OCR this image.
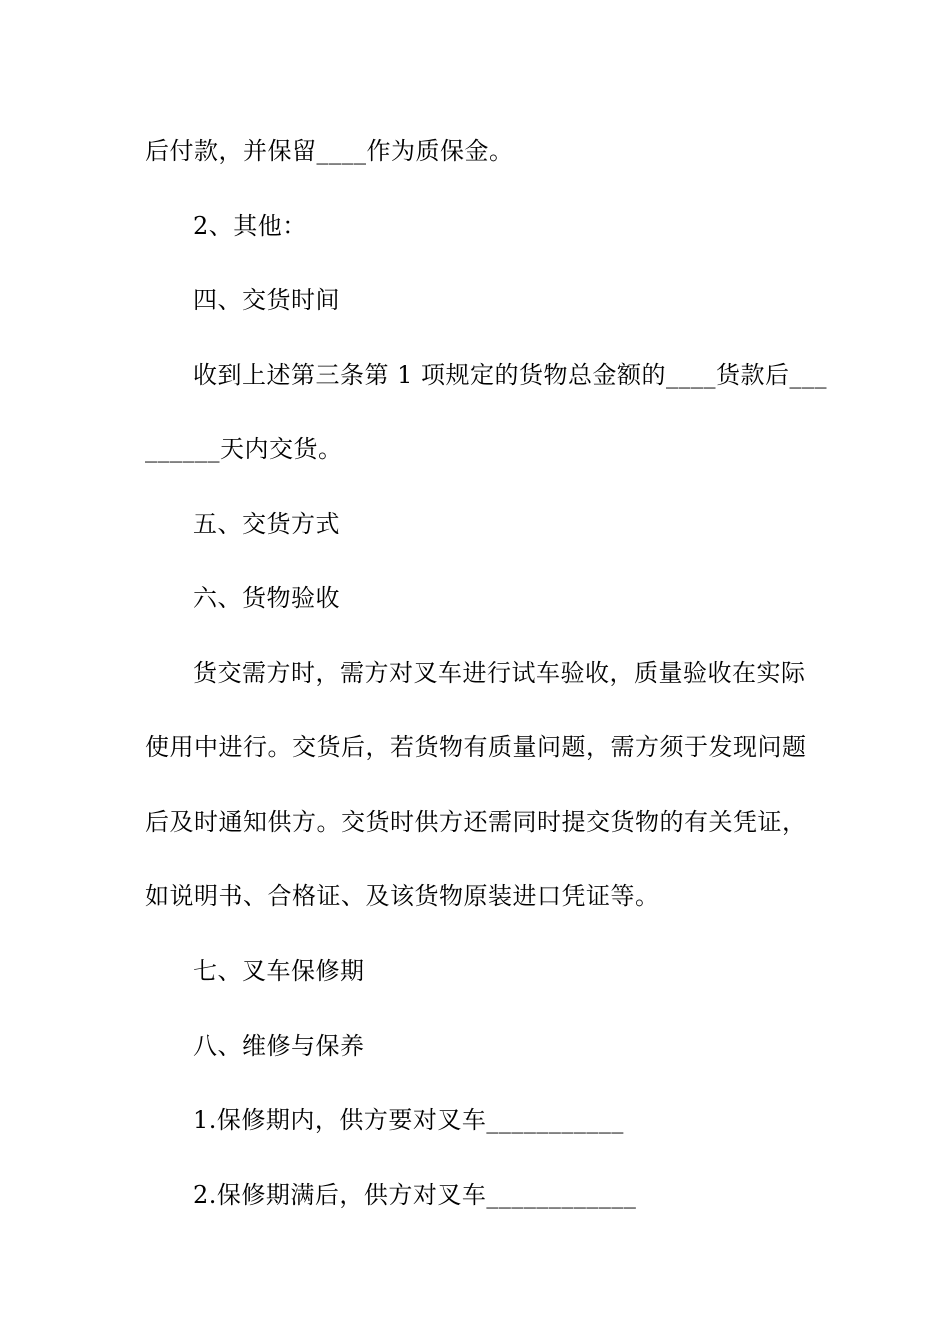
后付款，并保留____作为质保金。
2、其他：
四、交货时间
收到上述第三条第 1 项规定的货物总金额的____货款后___
______天内交货。
五、交货方式
六、货物验收
货交需方时，需方对叉车进行试车验收，质量验收在实际
使用中进行。交货后，若货物有质量问题，需方须于发现问题
后及时通知供方。交货时供方还需同时提交货物的有关凭证，
如说明书、合格证、及该货物原装进口凭证等。
七、叉车保修期
八、维修与保养
1.保修期内，供方要对叉车___________
2.保修期满后，供方对叉车____________
